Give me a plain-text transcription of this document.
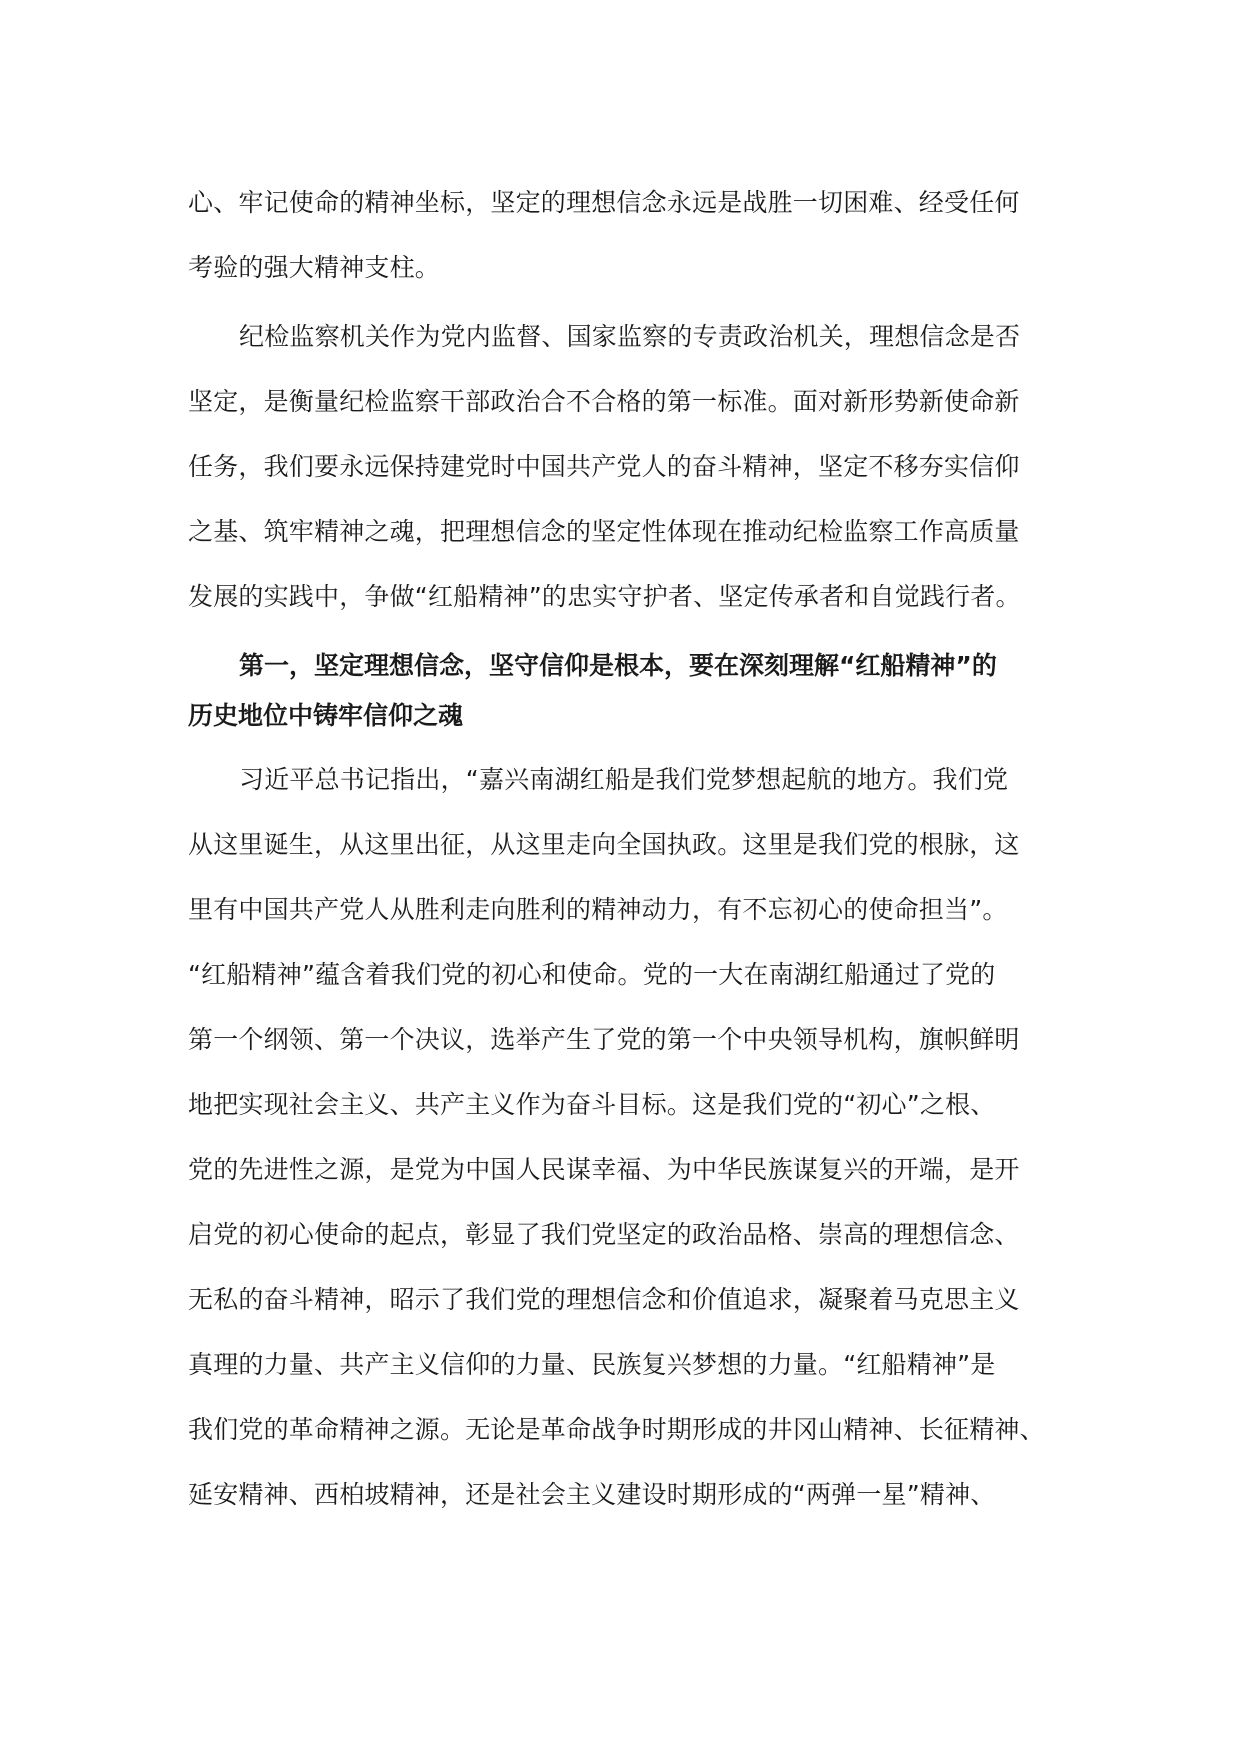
心、牢记使命的精神坐标，坚定的理想信念永远是战胜一切困难、经受任何
考验的强大精神支柱。
纪检监察机关作为党内监督、国家监察的专责政治机关，理想信念是否
坚定，是衡量纪检监察干部政治合不合格的第一标准。面对新形势新使命新
任务，我们要永远保持建党时中国共产党人的奋斗精神，坚定不移夯实信仰
之基、筑牢精神之魂，把理想信念的坚定性体现在推动纪检监察工作高质量
发展的实践中，争做“红船精神”的忠实守护者、坚定传承者和自觉践行者。
第一，坚定理想信念，坚守信仰是根本，要在深刻理解“红船精神”的
历史地位中铸牢信仰之魂
习近平总书记指出，“嘉兴南湖红船是我们党梦想起航的地方。我们党
从这里诞生，从这里出征，从这里走向全国执政。这里是我们党的根脉，这
里有中国共产党人从胜利走向胜利的精神动力，有不忘初心的使命担当”。
“红船精神”蕴含着我们党的初心和使命。党的一大在南湖红船通过了党的
第一个纲领、第一个决议，选举产生了党的第一个中央领导机构，旗帜鲜明
地把实现社会主义、共产主义作为奋斗目标。这是我们党的“初心”之根、
党的先进性之源，是党为中国人民谋幸福、为中华民族谋复兴的开端，是开
启党的初心使命的起点，彰显了我们党坚定的政治品格、崇高的理想信念、
无私的奋斗精神，昭示了我们党的理想信念和价值追求，凝聚着马克思主义
真理的力量、共产主义信仰的力量、民族复兴梦想的力量。“红船精神”是
我们党的革命精神之源。无论是革命战争时期形成的井冈山精神、长征精神、
延安精神、西柏坡精神，还是社会主义建设时期形成的“两弹一星”精神、
